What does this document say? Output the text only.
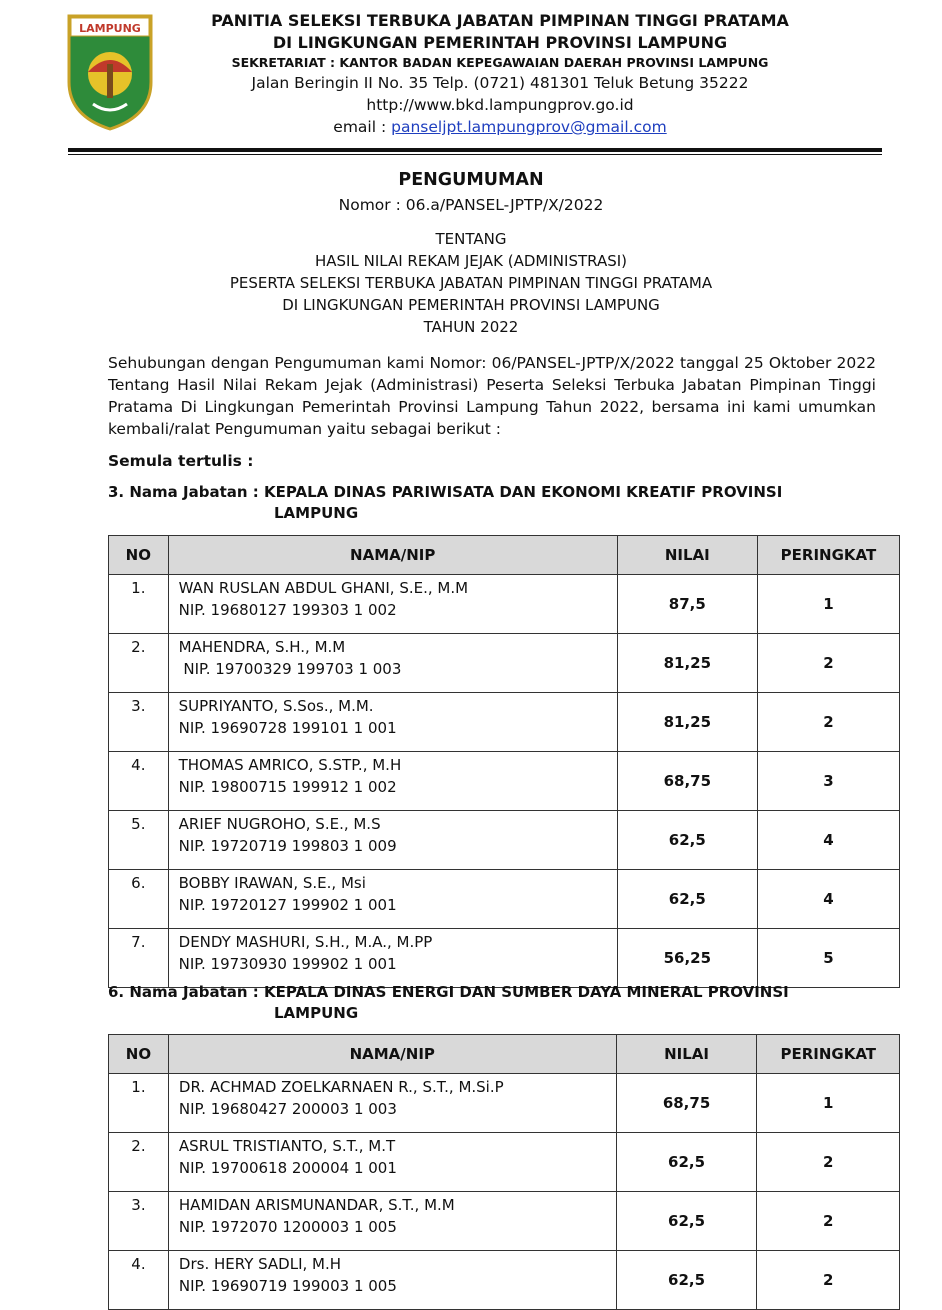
LAMPUNG	PANITIA SELEKSI TERBUKA JABATAN PIMPINAN TINGGI PRATAMA
DI LINGKUNGAN PEMERINTAH PROVINSI LAMPUNG
SEKRETARIAT : KANTOR BADAN KEPEGAWAIAN DAERAH PROVINSI LAMPUNG
Jalan Beringin II No. 35 Telp. (0721) 481301 Teluk Betung 35222
http://www.bkd.lampungprov.go.id
email : panseljpt.lampungprov@gmail.com
PENGUMUMAN
Nomor : 06.a/PANSEL-JPTP/X/2022
TENTANG
HASIL NILAI REKAM JEJAK (ADMINISTRASI)
PESERTA SELEKSI TERBUKA JABATAN PIMPINAN TINGGI PRATAMA
DI LINGKUNGAN PEMERINTAH PROVINSI LAMPUNG
TAHUN 2022
Sehubungan dengan Pengumuman kami Nomor: 06/PANSEL-JPTP/X/2022 tanggal 25 Oktober 2022 Tentang Hasil Nilai Rekam Jejak (Administrasi) Peserta Seleksi Terbuka Jabatan Pimpinan Tinggi Pratama Di Lingkungan Pemerintah Provinsi Lampung Tahun 2022, bersama ini kami umumkan kembali/ralat Pengumuman yaitu sebagai berikut :
Semula tertulis :
3. Nama Jabatan : KEPALA DINAS PARIWISATA DAN EKONOMI KREATIF PROVINSI
LAMPUNG
NO	NAMA/NIP	NILAI	PERINGKAT
1.	WAN RUSLAN ABDUL GHANI, S.E., M.M
NIP. 19680127 199303 1 002	87,5	1
2.	MAHENDRA, S.H., M.M
NIP. 19700329 199703 1 003	81,25	2
3.	SUPRIYANTO, S.Sos., M.M.
NIP. 19690728 199101 1 001	81,25	2
4.	THOMAS AMRICO, S.STP., M.H
NIP. 19800715 199912 1 002	68,75	3
5.	ARIEF NUGROHO, S.E., M.S
NIP. 19720719 199803 1 009	62,5	4
6.	BOBBY IRAWAN, S.E., Msi
NIP. 19720127 199902 1 001	62,5	4
7.	DENDY MASHURI, S.H., M.A., M.PP
NIP. 19730930 199902 1 001	56,25	5
6. Nama Jabatan : KEPALA DINAS ENERGI DAN SUMBER DAYA MINERAL PROVINSI
LAMPUNG
NO	NAMA/NIP	NILAI	PERINGKAT
1.	DR. ACHMAD ZOELKARNAEN R., S.T., M.Si.P
NIP. 19680427 200003 1 003	68,75	1
2.	ASRUL TRISTIANTO, S.T., M.T
NIP. 19700618 200004 1 001	62,5	2
3.	HAMIDAN ARISMUNANDAR, S.T., M.M
NIP. 1972070 1200003 1 005	62,5	2
4.	Drs. HERY SADLI, M.H
NIP. 19690719 199003 1 005	62,5	2
